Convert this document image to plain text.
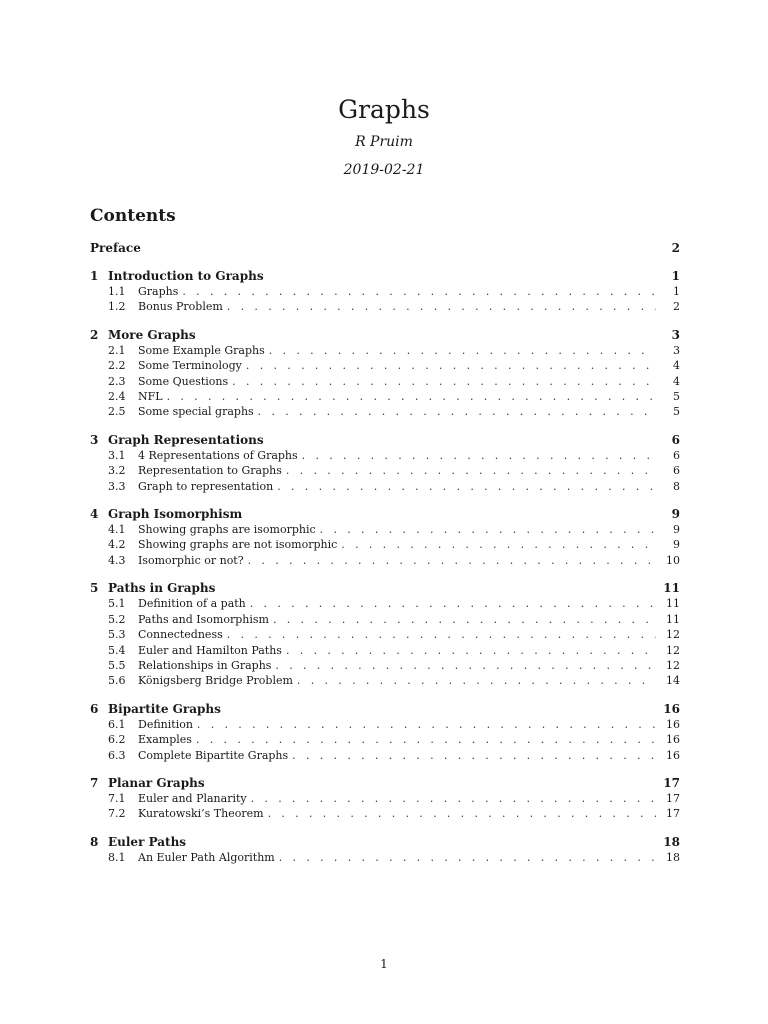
Graphs
R Pruim
2019-02-21
Contents
Preface	2
1 Introduction to Graphs	1
1.1	Graphs . . .	1
1.2	Bonus Problem . . .	2
2 More Graphs	3
2.1	Some Example Graphs . . .	3
2.2	Some Terminology . . .	4
2.3	Some Questions . . .	4
2.4	NFL . . .	5
2.5	Some special graphs . . .	5
3 Graph Representations	6
3.1	4 Representations of Graphs . . .	6
3.2	Representation to Graphs . . .	6
3.3	Graph to representation . . .	8
4 Graph Isomorphism	9
4.1	Showing graphs are isomorphic . . .	9
4.2	Showing graphs are not isomorphic . . .	9
4.3	Isomorphic or not? . . .	10
5 Paths in Graphs	11
5.1	Definition of a path . . .	11
5.2	Paths and Isomorphism . . .	11
5.3	Connectedness . . .	12
5.4	Euler and Hamilton Paths . . .	12
5.5	Relationships in Graphs . . .	12
5.6	Königsberg Bridge Problem . . .	14
6 Bipartite Graphs	16
6.1	Definition . . .	16
6.2	Examples . . .	16
6.3	Complete Bipartite Graphs . . .	16
7 Planar Graphs	17
7.1	Euler and Planarity . . .	17
7.2	Kuratowski’s Theorem . . .	17
8 Euler Paths	18
8.1	An Euler Path Algorithm . . .	18
1
